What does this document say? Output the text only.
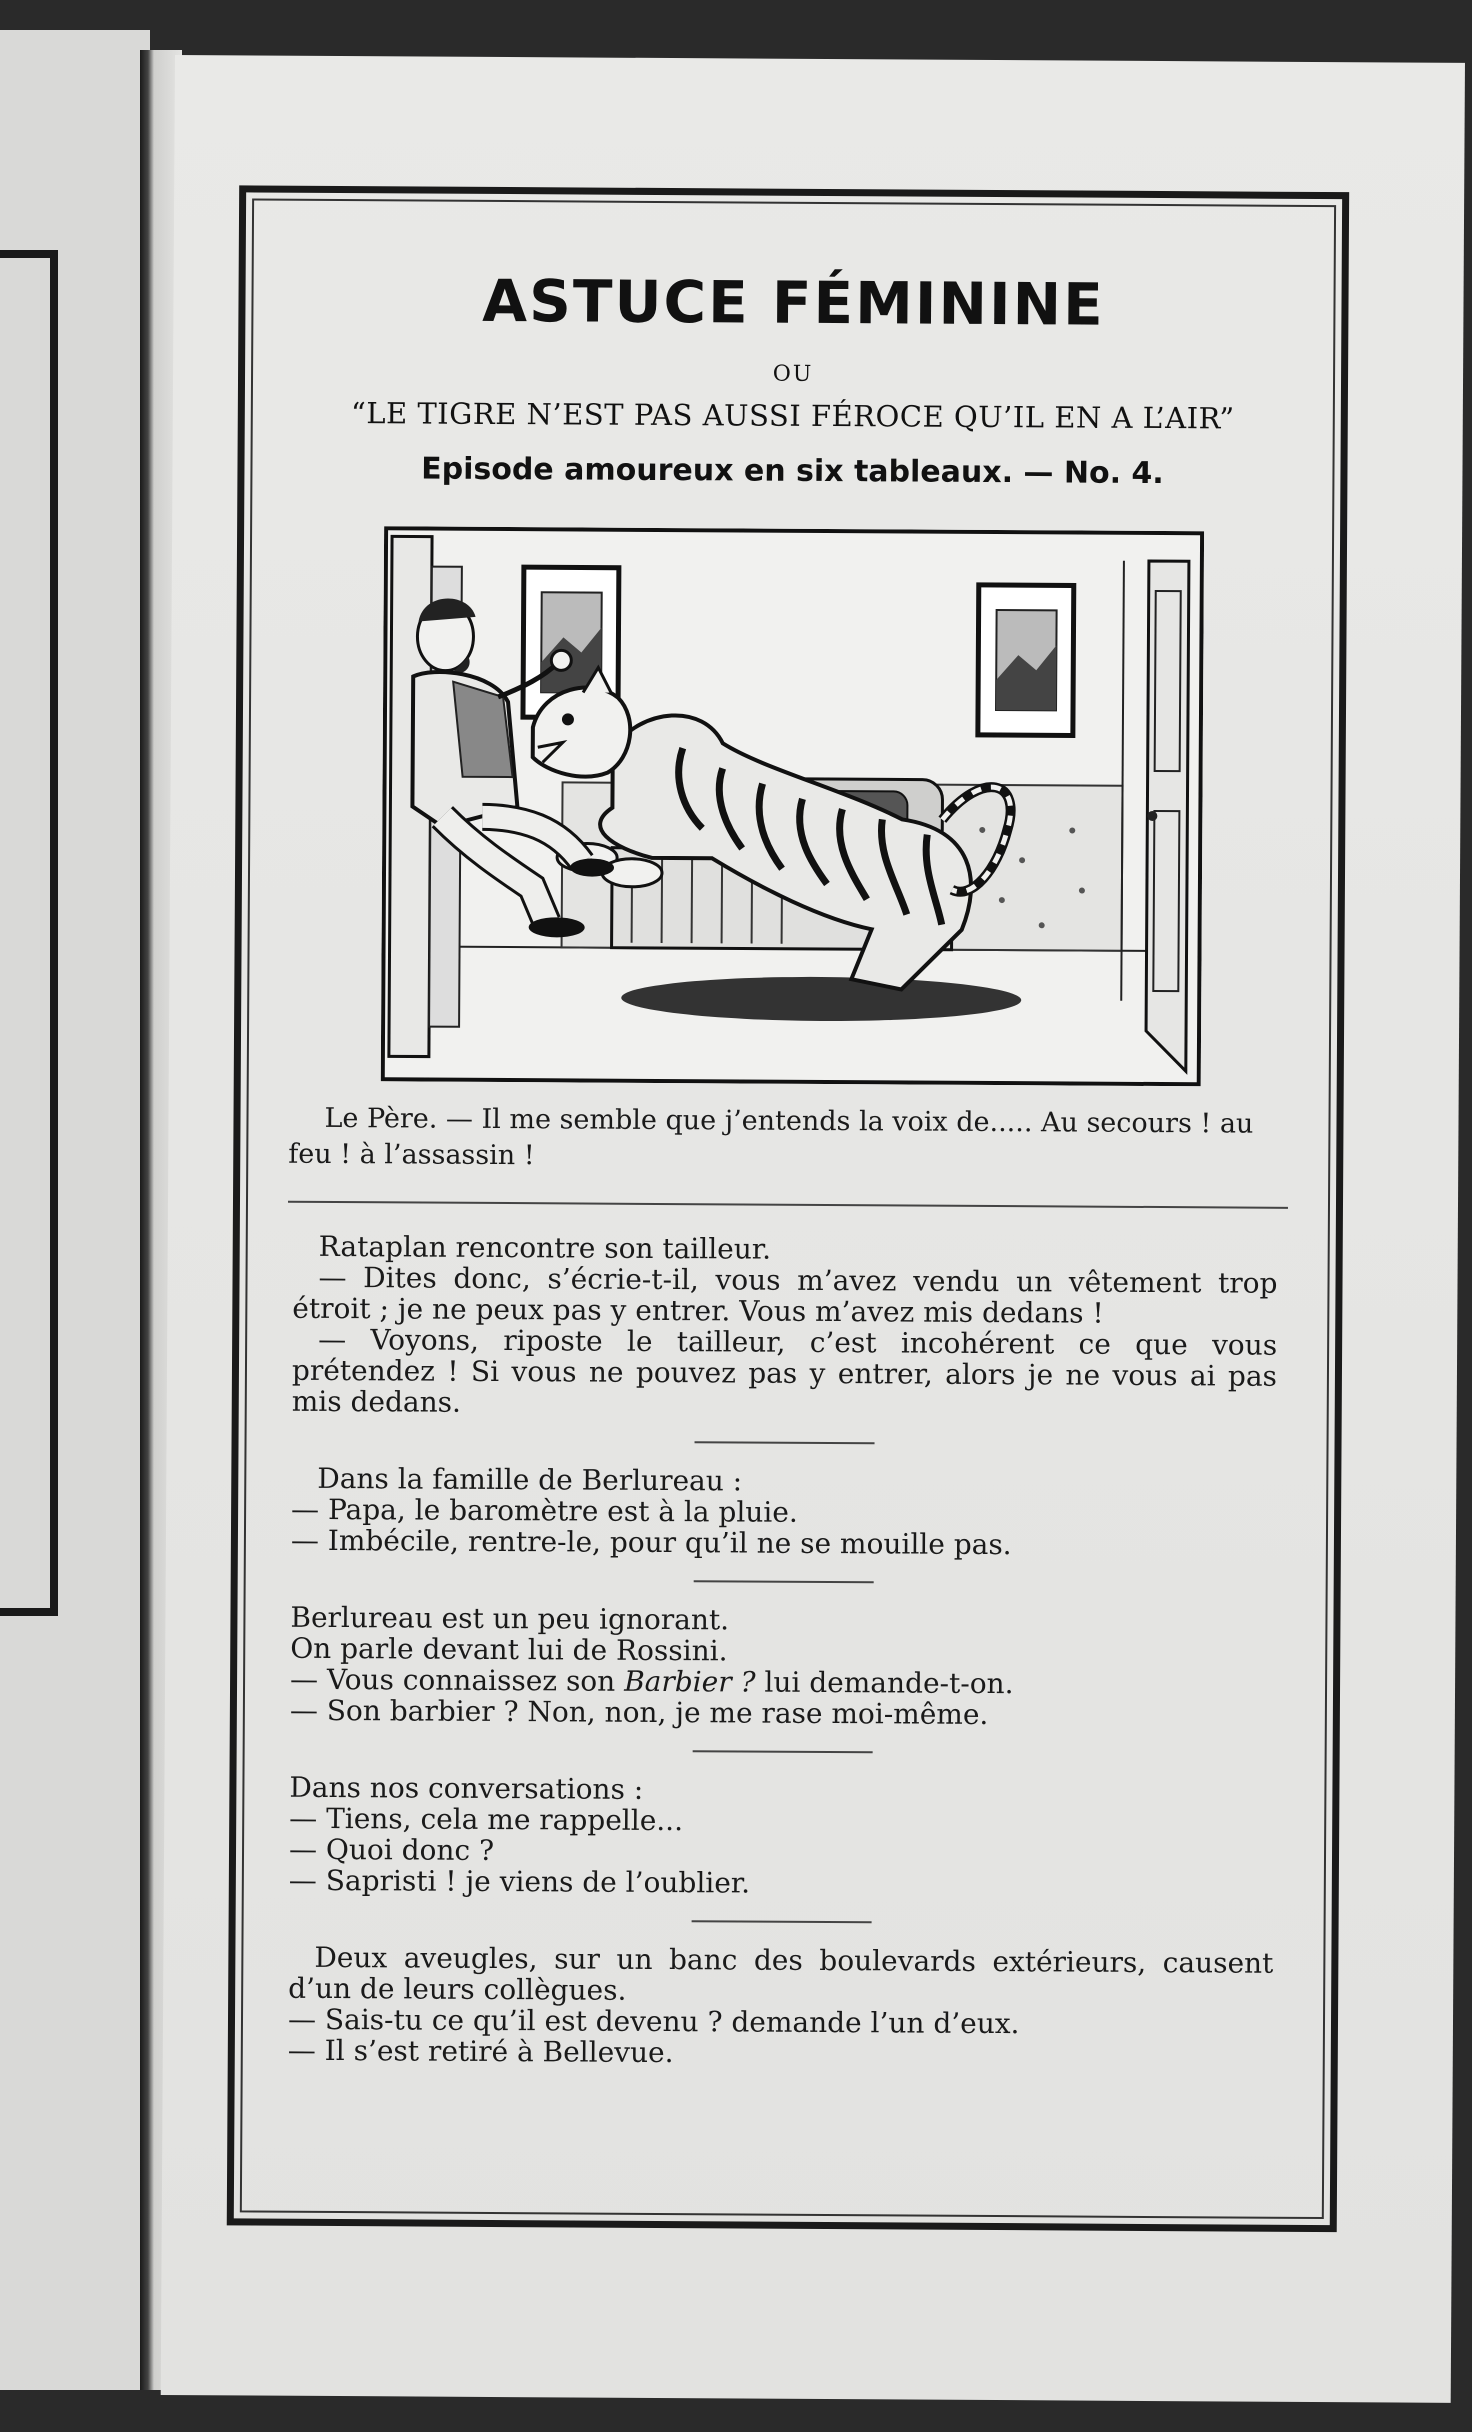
ASTUCE FÉMININE
OU
“LE TIGRE N’EST PAS AUSSI FÉROCE QU’IL EN A L’AIR”
Episode amoureux en six tableaux. — No. 4.
Le Père. — Il me semble que j’entends la voix de..... Au secours ! au feu ! à l’assassin !

Rataplan rencontre son tailleur.

— Dites donc, s’écrie-t-il, vous m’avez vendu un vêtement trop étroit ; je ne peux pas y entrer. Vous m’avez mis dedans !

— Voyons, riposte le tailleur, c’est incohérent ce que vous prétendez ! Si vous ne pouvez pas y entrer, alors je ne vous ai pas mis dedans.

Dans la famille de Berlureau :

— Papa, le baromètre est à la pluie.

— Imbécile, rentre-le, pour qu’il ne se mouille pas.

Berlureau est un peu ignorant.

On parle devant lui de Rossini.

— Vous connaissez son Barbier ? lui demande-t-on.

— Son barbier ? Non, non, je me rase moi-même.

Dans nos conversations :

— Tiens, cela me rappelle...

— Quoi donc ?

— Sapristi ! je viens de l’oublier.

Deux aveugles, sur un banc des boulevards extérieurs, causent d’un de leurs collègues.

— Sais-tu ce qu’il est devenu ? demande l’un d’eux.

— Il s’est retiré à Bellevue.
